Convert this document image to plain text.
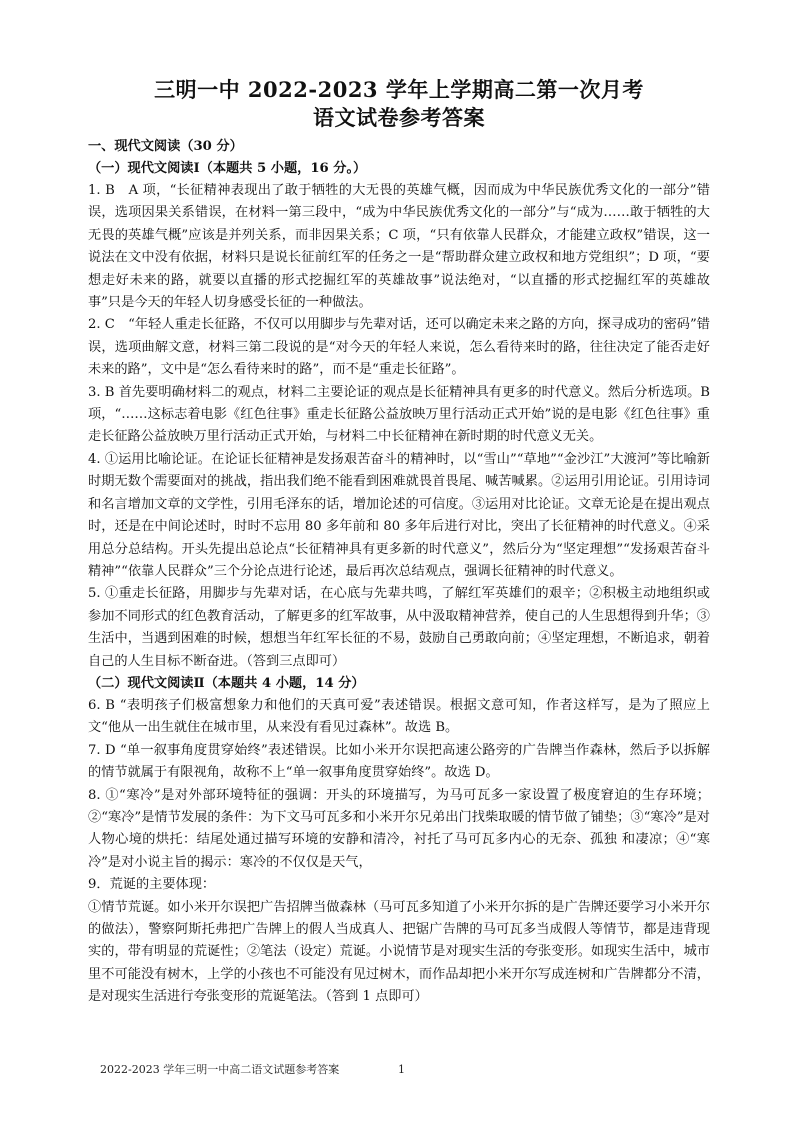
三明一中 2022-2023 学年上学期高二第一次月考
语文试卷参考答案

一、现代文阅读（30 分）

（一）现代文阅读Ⅰ（本题共 5 小题，16 分。）

1. B　A 项，“长征精神表现出了敢于牺牲的大无畏的英雄气概，因而成为中华民族优秀文化的一部分”错误，选项因果关系错误，在材料一第三段中，“成为中华民族优秀文化的一部分”与“成为……敢于牺牲的大无畏的英雄气概”应该是并列关系，而非因果关系；C 项，“只有依靠人民群众，才能建立政权”错误，这一说法在文中没有依据，材料只是说长征前红军的任务之一是“帮助群众建立政权和地方党组织”；D 项，“要想走好未来的路，就要以直播的形式挖掘红军的英雄故事”说法绝对，“以直播的形式挖掘红军的英雄故事”只是今天的年轻人切身感受长征的一种做法。

2. C　“年轻人重走长征路，不仅可以用脚步与先辈对话，还可以确定未来之路的方向，探寻成功的密码”错误，选项曲解文意，材料三第二段说的是“对今天的年轻人来说，怎么看待来时的路，往往决定了能否走好未来的路”，文中是“怎么看待来时的路”，而不是“重走长征路”。

3. B 首先要明确材料二的观点，材料二主要论证的观点是长征精神具有更多的时代意义。然后分析选项。B 项，“……这标志着电影《红色往事》重走长征路公益放映万里行活动正式开始”说的是电影《红色往事》重走长征路公益放映万里行活动正式开始，与材料二中长征精神在新时期的时代意义无关。

4. ①运用比喻论证。在论证长征精神是发扬艰苦奋斗的精神时，以“雪山”“草地”“金沙江”大渡河”等比喻新时期无数个需要面对的挑战，指出我们绝不能看到困难就畏首畏尾、喊苦喊累。②运用引用论证。引用诗词和名言增加文章的文学性，引用毛泽东的话，增加论述的可信度。③运用对比论证。文章无论是在提出观点时，还是在中间论述时，时时不忘用 80 多年前和 80 多年后进行对比，突出了长征精神的时代意义。④采用总分总结构。开头先提出总论点“长征精神具有更多新的时代意义”，然后分为“坚定理想”“发扬艰苦奋斗精神”“依靠人民群众”三个分论点进行论述，最后再次总结观点，强调长征精神的时代意义。

5. ①重走长征路，用脚步与先辈对话，在心底与先辈共鸣，了解红军英雄们的艰辛；②积极主动地组织或参加不同形式的红色教育活动，了解更多的红军故事，从中汲取精神营养，使自己的人生思想得到升华；③生活中，当遇到困难的时候，想想当年红军长征的不易，鼓励自己勇敢向前；④坚定理想，不断追求，朝着自己的人生目标不断奋进。（答到三点即可）

（二）现代文阅读Ⅱ（本题共 4 小题，14 分）

6. B “表明孩子们极富想象力和他们的天真可爱”表述错误。根据文意可知，作者这样写，是为了照应上文“他从一出生就住在城市里，从来没有看见过森林”。故选 B。

7. D “单一叙事角度贯穿始终”表述错误。比如小米开尔误把高速公路旁的广告牌当作森林，然后予以拆解的情节就属于有限视角，故称不上“单一叙事角度贯穿始终”。故选 D。

8. ①“寒冷”是对外部环境特征的强调：开头的环境描写，为马可瓦多一家设置了极度窘迫的生存环境；②“寒冷”是情节发展的条件：为下文马可瓦多和小米开尔兄弟出门找柴取暖的情节做了铺垫；③“寒冷”是对人物心境的烘托：结尾处通过描写环境的安静和清冷，衬托了马可瓦多内心的无奈、孤独 和凄凉；④“寒冷”是对小说主旨的揭示：寒冷的不仅仅是天气，

9．荒诞的主要体现：

①情节荒诞。如小米开尔误把广告招牌当做森林（马可瓦多知道了小米开尔拆的是广告牌还要学习小米开尔的做法），警察阿斯托弗把广告牌上的假人当成真人、把锯广告牌的马可瓦多当成假人等情节，都是违背现实的，带有明显的荒诞性；②笔法（设定）荒诞。小说情节是对现实生活的夸张变形。如现实生活中，城市里不可能没有树木，上学的小孩也不可能没有见过树木，而作品却把小米开尔写成连树和广告牌都分不清，是对现实生活进行夸张变形的荒诞笔法。（答到 1 点即可）

2022-2023 学年三明一中高二语文试题参考答案	1
